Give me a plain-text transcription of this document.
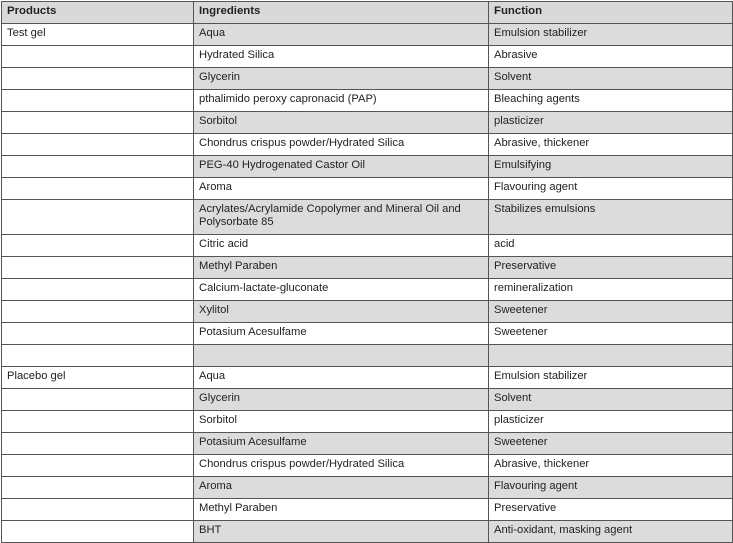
Products	Ingredients	Function
Test gel	Aqua	Emulsion stabilizer
	Hydrated Silica	Abrasive
	Glycerin	Solvent
	pthalimido peroxy capronacid (PAP)	Bleaching agents
	Sorbitol	plasticizer
	Chondrus crispus powder/Hydrated Silica	Abrasive, thickener
	PEG-40 Hydrogenated Castor Oil	Emulsifying
	Aroma	Flavouring agent
	Acrylates/Acrylamide Copolymer and Mineral Oil and Polysorbate 85	Stabilizes emulsions
	Citric acid	acid
	Methyl Paraben	Preservative
	Calcium-lactate-gluconate	remineralization
	Xylitol	Sweetener
	Potasium Acesulfame	Sweetener

Placebo gel	Aqua	Emulsion stabilizer
	Glycerin	Solvent
	Sorbitol	plasticizer
	Potasium Acesulfame	Sweetener
	Chondrus crispus powder/Hydrated Silica	Abrasive, thickener
	Aroma	Flavouring agent
	Methyl Paraben	Preservative
	BHT	Anti-oxidant, masking agent
